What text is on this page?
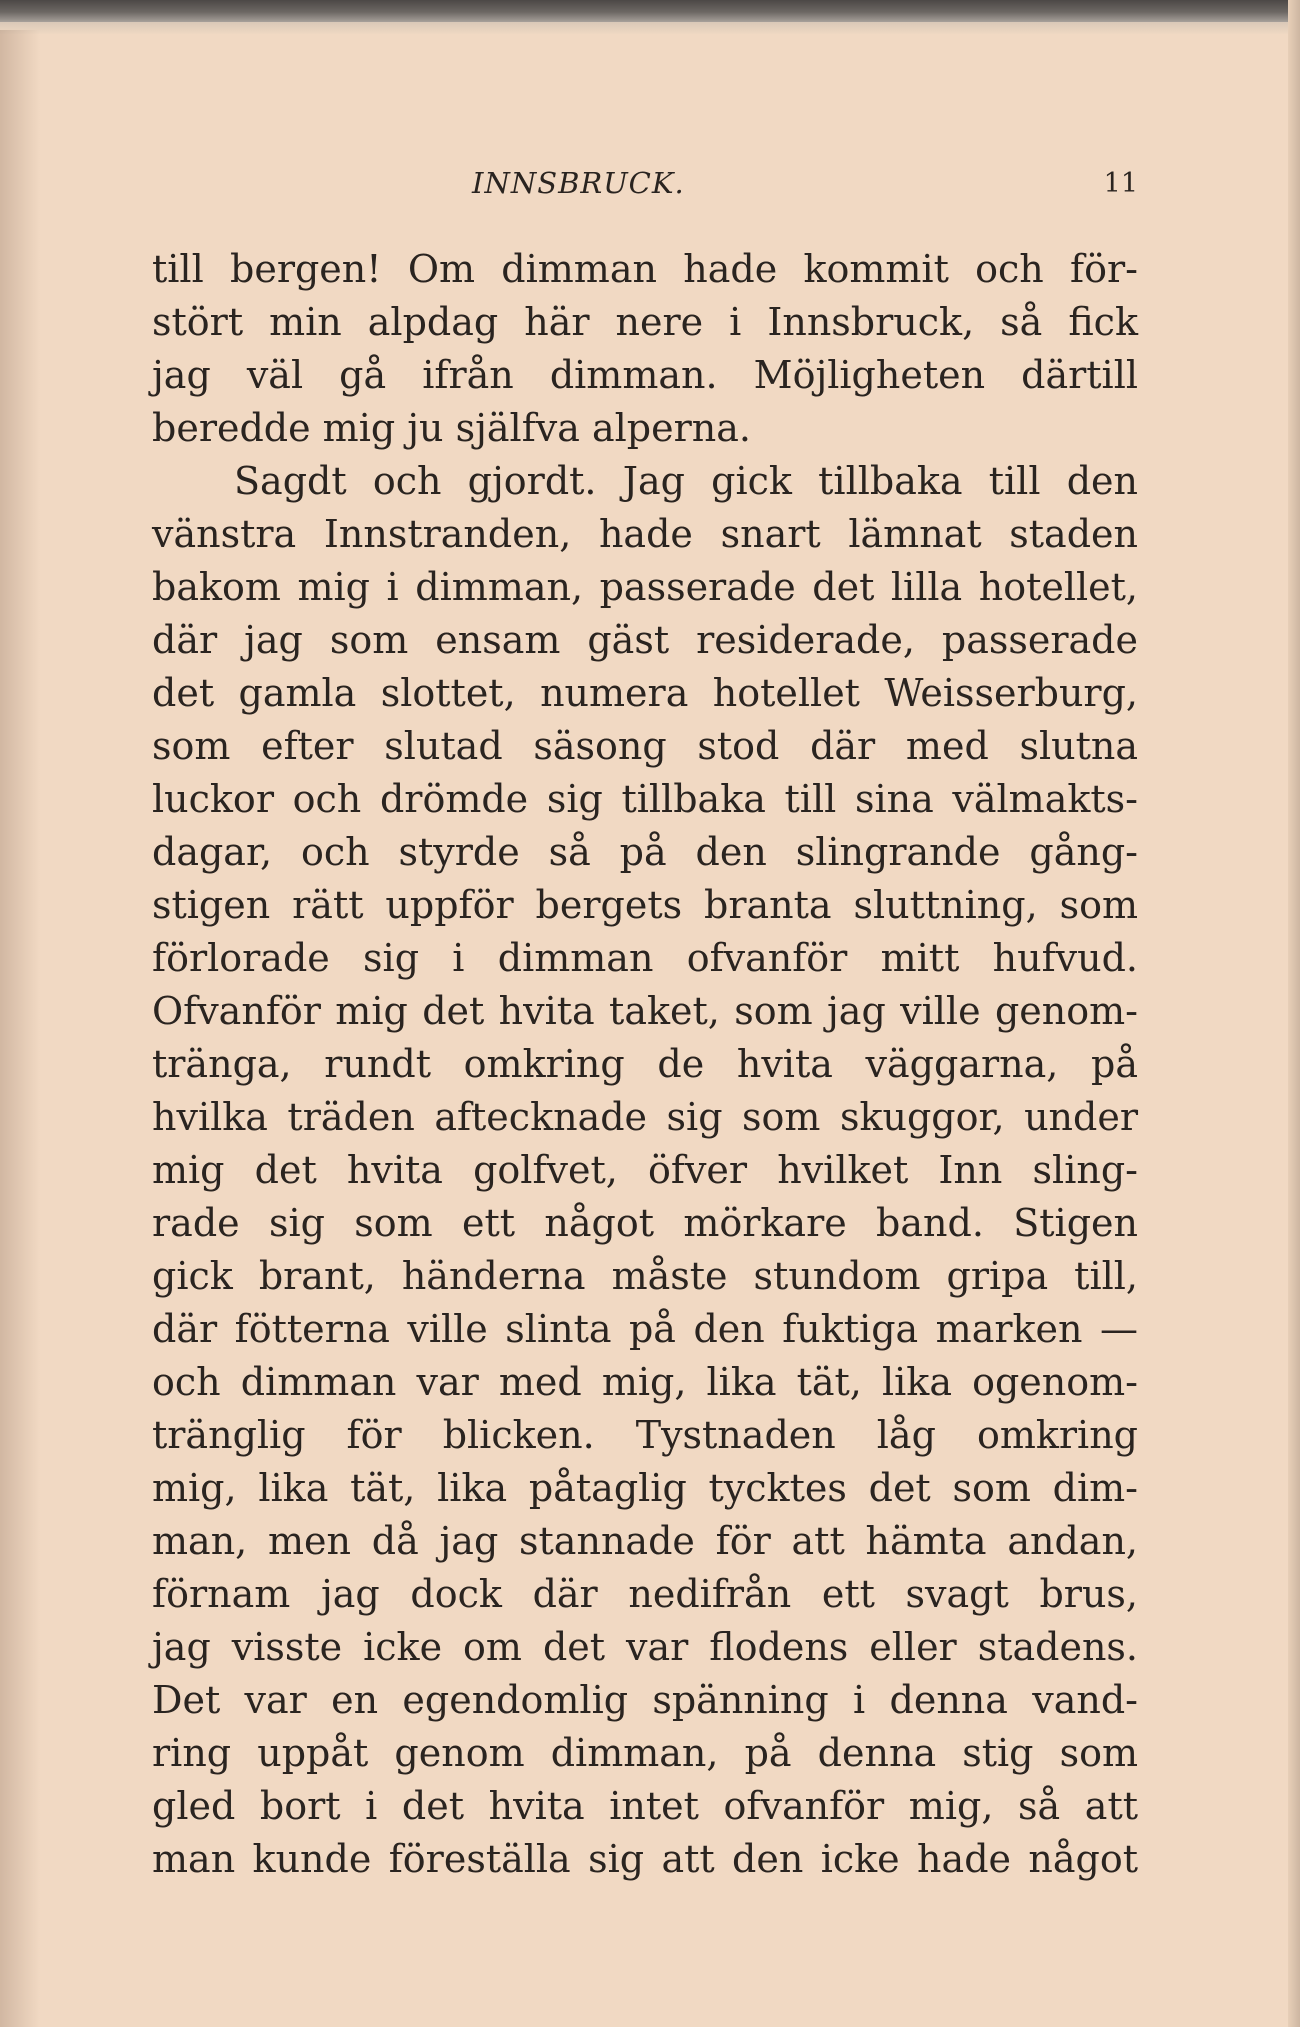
INNSBRUCK.	11
till bergen! Om dimman hade kommit och för-
stört min alpdag här nere i Innsbruck, så fick
jag väl gå ifrån dimman. Möjligheten därtill
beredde mig ju själfva alperna.
Sagdt och gjordt. Jag gick tillbaka till den
vänstra Innstranden, hade snart lämnat staden
bakom mig i dimman, passerade det lilla hotellet,
där jag som ensam gäst residerade, passerade
det gamla slottet, numera hotellet Weisserburg,
som efter slutad säsong stod där med slutna
luckor och drömde sig tillbaka till sina välmakts-
dagar, och styrde så på den slingrande gång-
stigen rätt uppför bergets branta sluttning, som
förlorade sig i dimman ofvanför mitt hufvud.
Ofvanför mig det hvita taket, som jag ville genom-
tränga, rundt omkring de hvita väggarna, på
hvilka träden aftecknade sig som skuggor, under
mig det hvita golfvet, öfver hvilket Inn sling-
rade sig som ett något mörkare band. Stigen
gick brant, händerna måste stundom gripa till,
där fötterna ville slinta på den fuktiga marken —
och dimman var med mig, lika tät, lika ogenom-
tränglig för blicken. Tystnaden låg omkring
mig, lika tät, lika påtaglig tycktes det som dim-
man, men då jag stannade för att hämta andan,
förnam jag dock där nedifrån ett svagt brus,
jag visste icke om det var flodens eller stadens.
Det var en egendomlig spänning i denna vand-
ring uppåt genom dimman, på denna stig som
gled bort i det hvita intet ofvanför mig, så att
man kunde föreställa sig att den icke hade något
